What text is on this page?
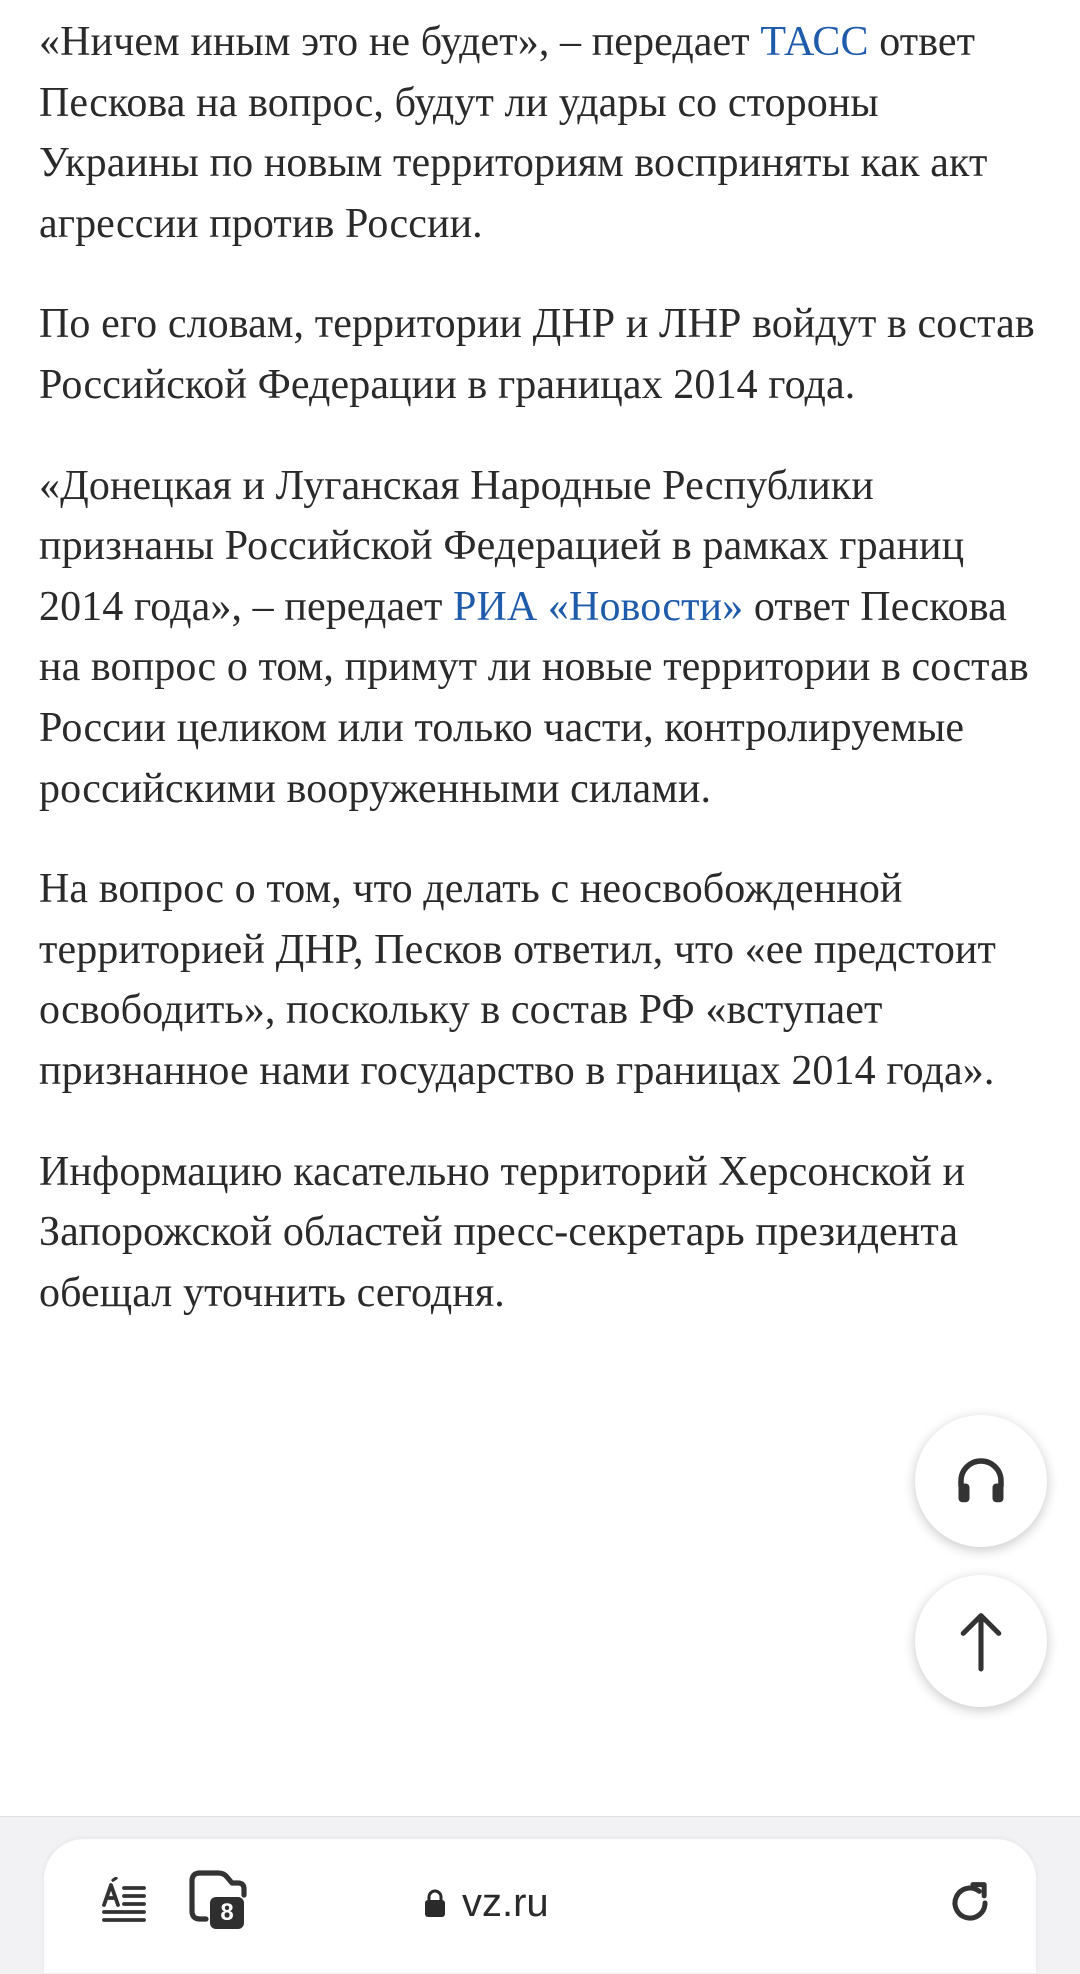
«Ничем иным это не будет», – передает ТАСС ответ Пескова на вопрос, будут ли удары со стороны Украины по новым территориям восприняты как акт агрессии против России.

По его словам, территории ДНР и ЛНР войдут в состав Российской Федерации в границах 2014 года.

«Донецкая и Луганская Народные Республики признаны Российской Федерацией в рамках границ 2014 года», – передает РИА «Новости» ответ Пескова на вопрос о том, примут ли новые территории в состав России целиком или только части, контролируемые российскими вооруженными силами.

На вопрос о том, что делать с неосвобожденной территорией ДНР, Песков ответил, что «ее предстоит освободить», поскольку в состав РФ «вступает признанное нами государство в границах 2014 года».

Информацию касательно территорий Херсонской и Запорожской областей пресс-секретарь президента обещал уточнить сегодня.

8	vz.ru
